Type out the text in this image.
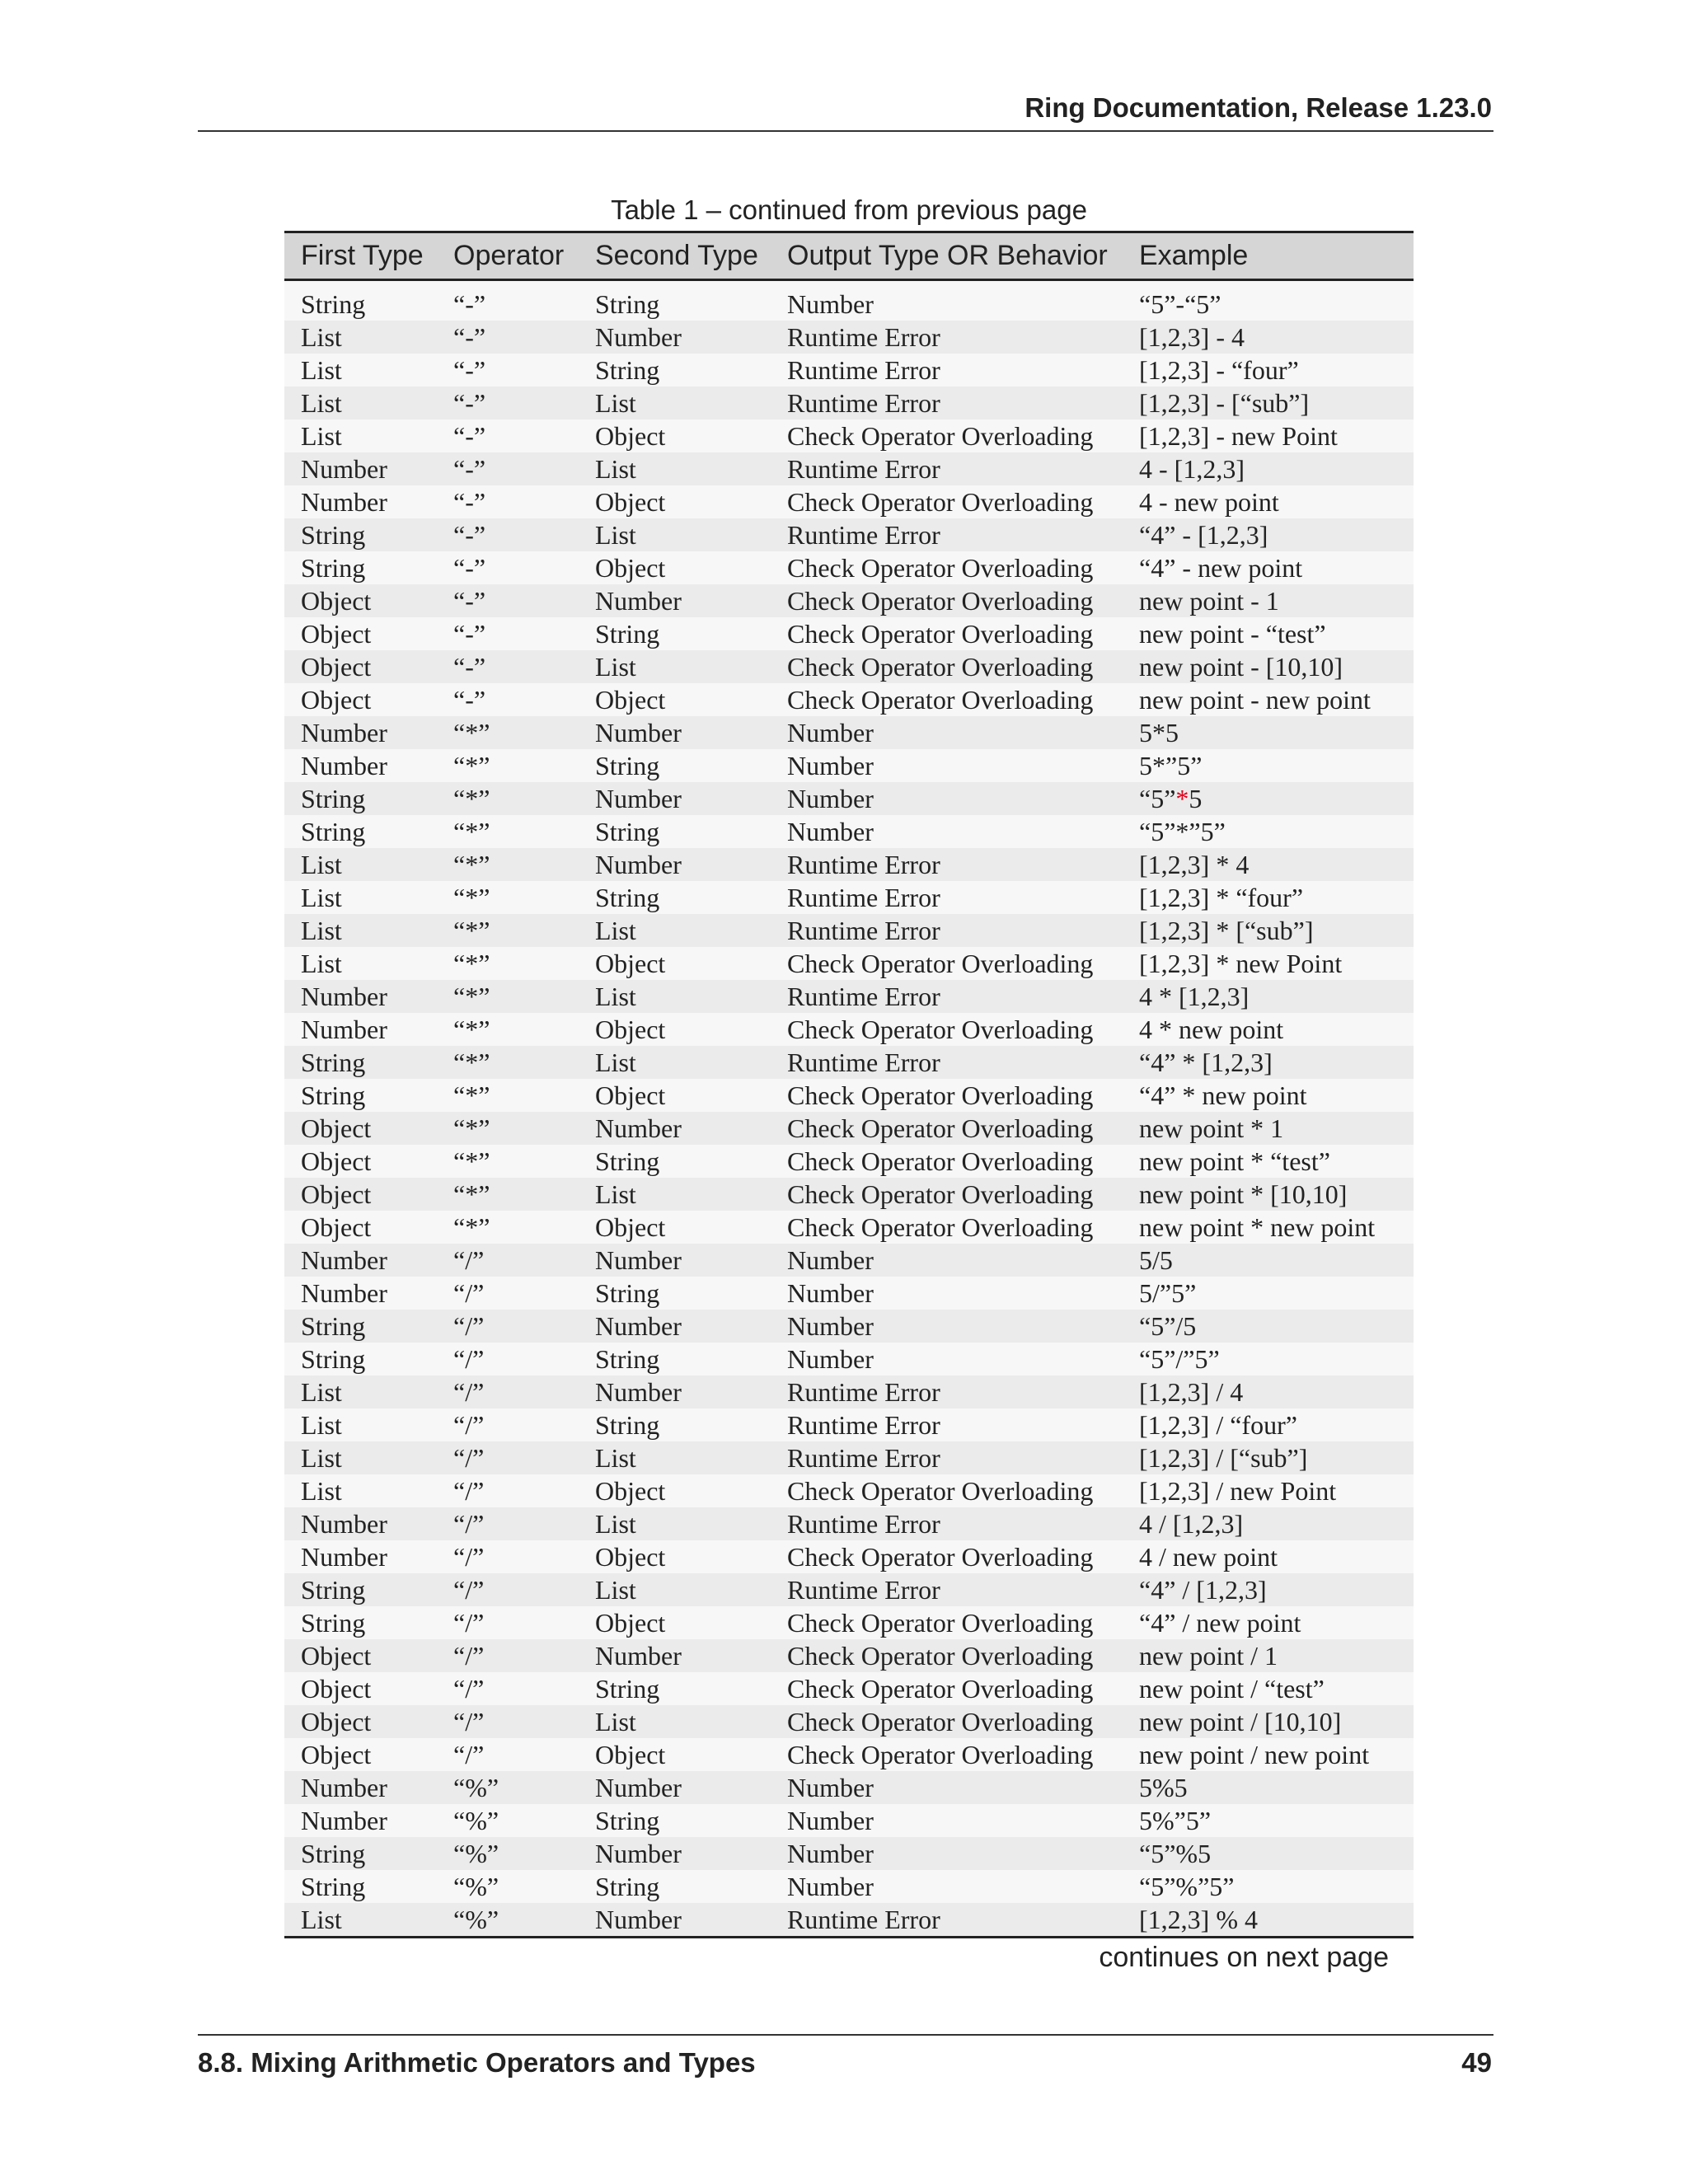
Ring Documentation, Release 1.23.0
Table 1 – continued from previous page
First Type	Operator	Second Type	Output Type OR Behavior	Example
String	“-”	String	Number	“5”-“5”
List	“-”	Number	Runtime Error	[1,2,3] - 4
List	“-”	String	Runtime Error	[1,2,3] - “four”
List	“-”	List	Runtime Error	[1,2,3] - [“sub”]
List	“-”	Object	Check Operator Overloading	[1,2,3] - new Point
Number	“-”	List	Runtime Error	4 - [1,2,3]
Number	“-”	Object	Check Operator Overloading	4 - new point
String	“-”	List	Runtime Error	“4” - [1,2,3]
String	“-”	Object	Check Operator Overloading	“4” - new point
Object	“-”	Number	Check Operator Overloading	new point - 1
Object	“-”	String	Check Operator Overloading	new point - “test”
Object	“-”	List	Check Operator Overloading	new point - [10,10]
Object	“-”	Object	Check Operator Overloading	new point - new point
Number	“*”	Number	Number	5*5
Number	“*”	String	Number	5*”5”
String	“*”	Number	Number	“5”*5
String	“*”	String	Number	“5”*”5”
List	“*”	Number	Runtime Error	[1,2,3] * 4
List	“*”	String	Runtime Error	[1,2,3] * “four”
List	“*”	List	Runtime Error	[1,2,3] * [“sub”]
List	“*”	Object	Check Operator Overloading	[1,2,3] * new Point
Number	“*”	List	Runtime Error	4 * [1,2,3]
Number	“*”	Object	Check Operator Overloading	4 * new point
String	“*”	List	Runtime Error	“4” * [1,2,3]
String	“*”	Object	Check Operator Overloading	“4” * new point
Object	“*”	Number	Check Operator Overloading	new point * 1
Object	“*”	String	Check Operator Overloading	new point * “test”
Object	“*”	List	Check Operator Overloading	new point * [10,10]
Object	“*”	Object	Check Operator Overloading	new point * new point
Number	“/”	Number	Number	5/5
Number	“/”	String	Number	5/”5”
String	“/”	Number	Number	“5”/5
String	“/”	String	Number	“5”/”5”
List	“/”	Number	Runtime Error	[1,2,3] / 4
List	“/”	String	Runtime Error	[1,2,3] / “four”
List	“/”	List	Runtime Error	[1,2,3] / [“sub”]
List	“/”	Object	Check Operator Overloading	[1,2,3] / new Point
Number	“/”	List	Runtime Error	4 / [1,2,3]
Number	“/”	Object	Check Operator Overloading	4 / new point
String	“/”	List	Runtime Error	“4” / [1,2,3]
String	“/”	Object	Check Operator Overloading	“4” / new point
Object	“/”	Number	Check Operator Overloading	new point / 1
Object	“/”	String	Check Operator Overloading	new point / “test”
Object	“/”	List	Check Operator Overloading	new point / [10,10]
Object	“/”	Object	Check Operator Overloading	new point / new point
Number	“%”	Number	Number	5%5
Number	“%”	String	Number	5%”5”
String	“%”	Number	Number	“5”%5
String	“%”	String	Number	“5”%”5”
List	“%”	Number	Runtime Error	[1,2,3] % 4
continues on next page
8.8. Mixing Arithmetic Operators and Types	49
